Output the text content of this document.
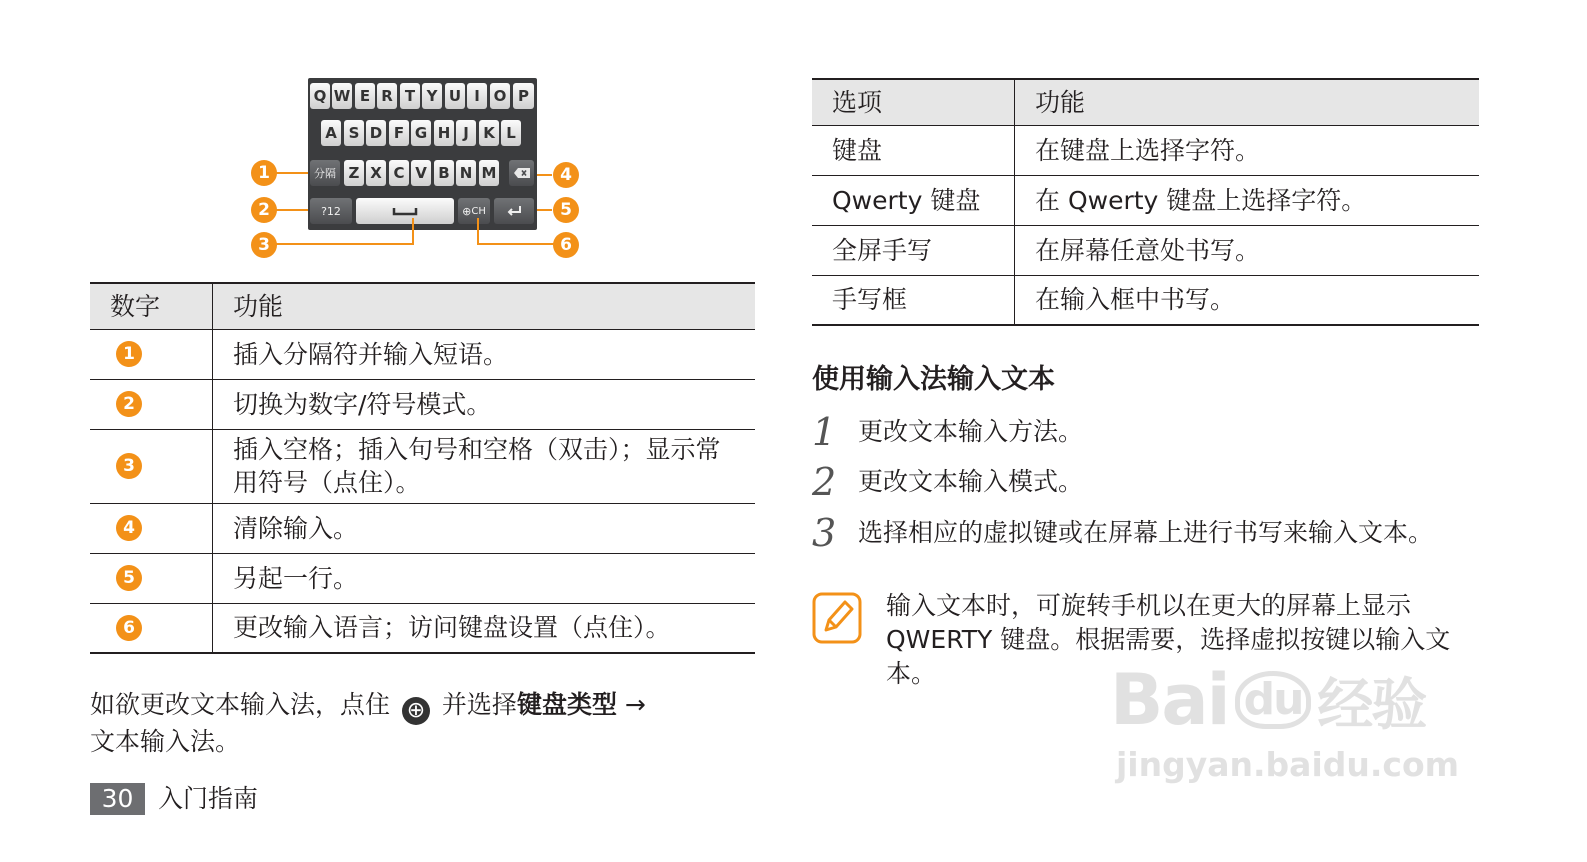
Q W E R T Y U I O P
A S D F G H J K L
分隔 Z X C V B N M
?12	⊕ CH
1
2
3
4
5
6
数字	功能
1	插入分隔符并输入短语。
2	切换为数字/符号模式。
3	插入空格；插入句号和空格（双击）；显示常用符号（点住）。
4	清除输入。
5	另起一行。
6	更改输入语言；访问键盘设置（点住）。
如欲更改文本输入法，点住 ⊕ 并选择键盘类型 →
文本输入法。
30 入门指南
选项	功能
键盘	在键盘上选择字符。
Qwerty 键盘	在 Qwerty 键盘上选择字符。
全屏手写	在屏幕任意处书写。
手写框	在输入框中书写。
使用输入法输入文本
1 更改文本输入方法。
2 更改文本输入模式。
3 选择相应的虚拟键或在屏幕上进行书写来输入文本。
输入文本时，可旋转手机以在更大的屏幕上显示 QWERTY 键盘。根据需要，选择虚拟按键以输入文本。	Bai du 经验
jingyan.baidu.com
